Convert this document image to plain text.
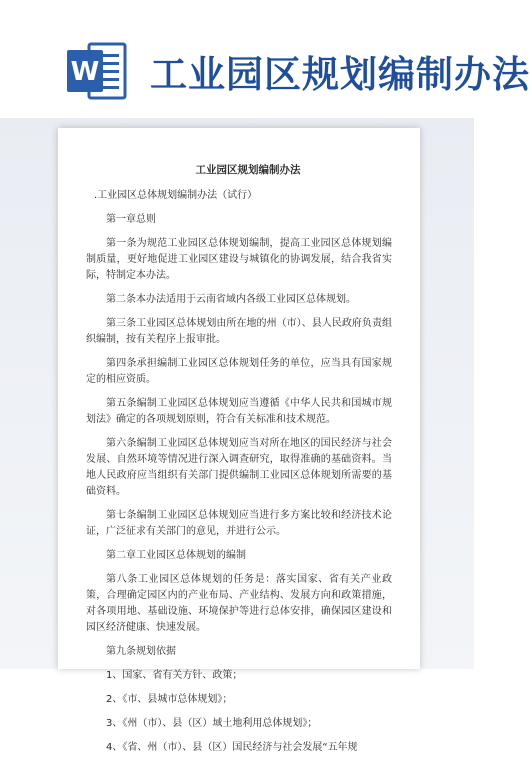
W 工业园区规划编制办法
工业园区规划编制办法

.工业园区总体规划编制办法（试行）

第一章总则

第一条为规范工业园区总体规划编制，提高工业园区总体规划编制质量，更好地促进工业园区建设与城镇化的协调发展，结合我省实际，特制定本办法。

第二条本办法适用于云南省域内各级工业园区总体规划。

第三条工业园区总体规划由所在地的州（市）、县人民政府负责组织编制，按有关程序上报审批。

第四条承担编制工业园区总体规划任务的单位，应当具有国家规定的相应资质。

第五条编制工业园区总体规划应当遵循《中华人民共和国城市规划法》确定的各项规划原则，符合有关标准和技术规范。

第六条编制工业园区总体规划应当对所在地区的国民经济与社会发展、自然环境等情况进行深入调查研究，取得准确的基础资料。当地人民政府应当组织有关部门提供编制工业园区总体规划所需要的基础资料。

第七条编制工业园区总体规划应当进行多方案比较和经济技术论证，广泛征求有关部门的意见，并进行公示。

第二章工业园区总体规划的编制

第八条工业园区总体规划的任务是：落实国家、省有关产业政策，合理确定园区内的产业布局、产业结构、发展方向和政策措施，对各项用地、基础设施、环境保护等进行总体安排，确保园区建设和园区经济健康、快速发展。

第九条规划依据

1、国家、省有关方针、政策；

2、《市、县城市总体规划》；

3、《州（市）、县（区）域土地利用总体规划》；

4、《省、州（市）、县（区）国民经济与社会发展“五年规
